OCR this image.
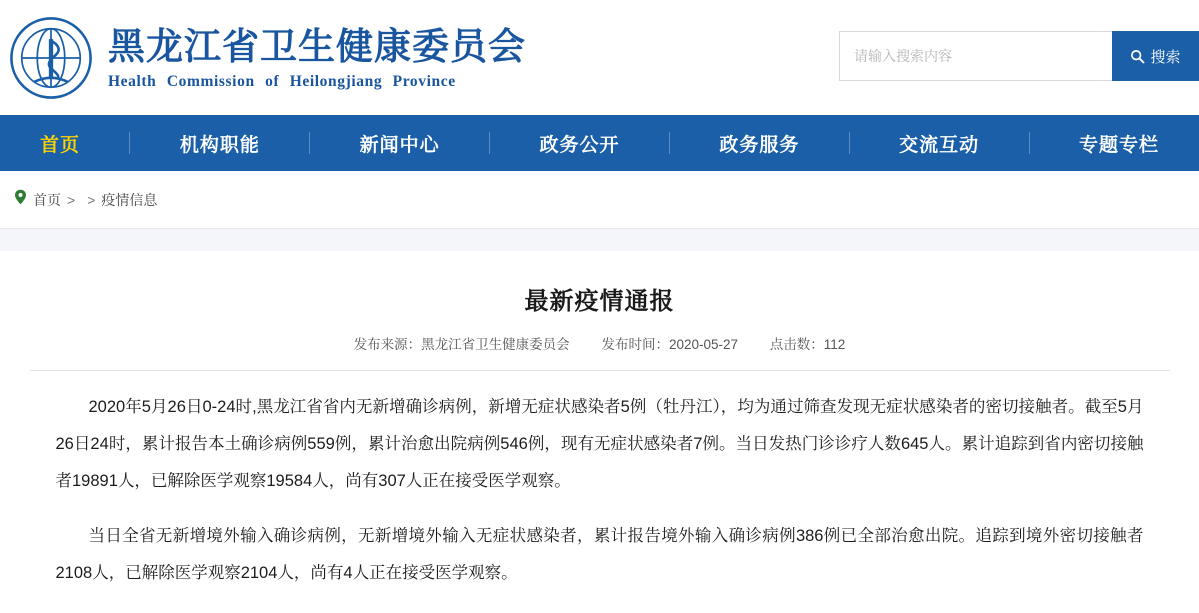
黑龙江省卫生健康委员会
Health Commission of Heilongjiang Province
请输入搜索内容
搜索
首页	机构职能	新闻中心	政务公开	政务服务	交流互动	专题专栏
首页 > > 疫情信息
最新疫情通报
发布来源：黑龙江省卫生健康委员会 发布时间：2020-05-27 点击数：112

2020年5月26日0-24时,黑龙江省省内无新增确诊病例，新增无症状感染者5例（牡丹江），均为通过筛查发现无症状感染者的密切接触者。截至5月26日24时，累计报告本土确诊病例559例，累计治愈出院病例546例，现有无症状感染者7例。当日发热门诊诊疗人数645人。累计追踪到省内密切接触者19891人，已解除医学观察19584人，尚有307人正在接受医学观察。

当日全省无新增境外输入确诊病例，无新增境外输入无症状感染者，累计报告境外输入确诊病例386例已全部治愈出院。追踪到境外密切接触者2108人，已解除医学观察2104人，尚有4人正在接受医学观察。
